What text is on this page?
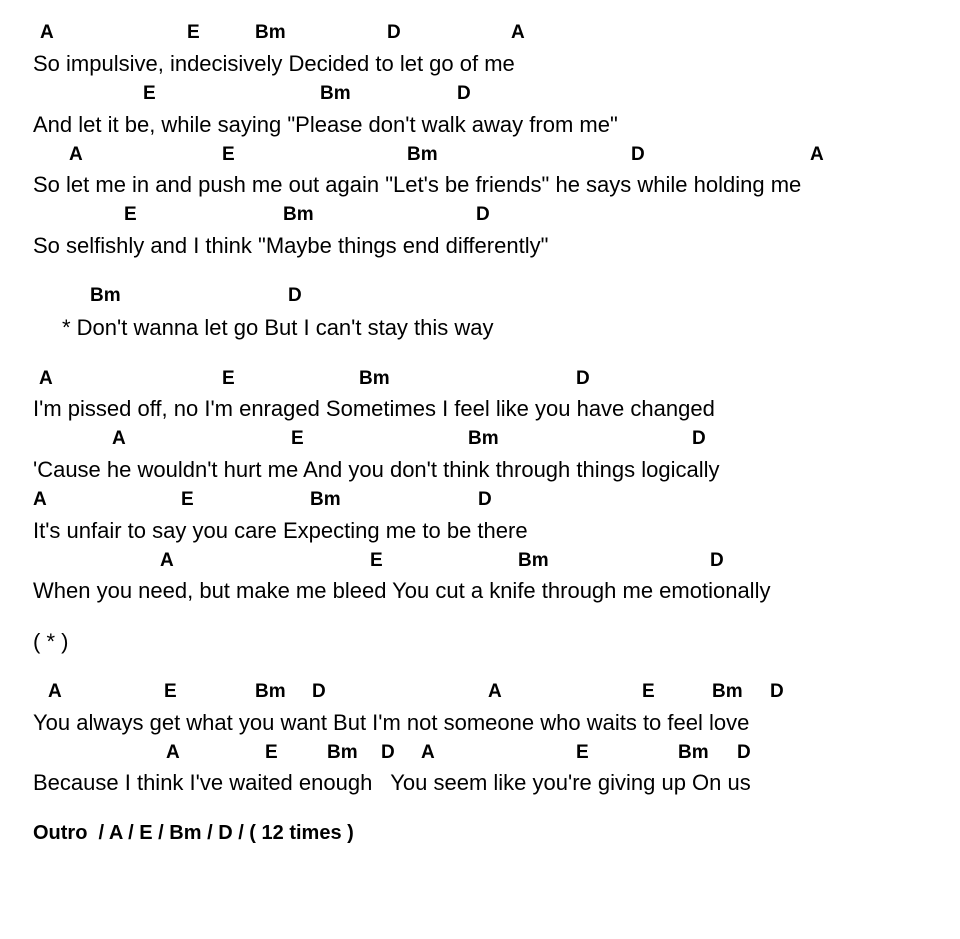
A	E	Bm	D	A
So impulsive, indecisively Decided to let go of me
E	Bm	D
And let it be, while saying "Please don't walk away from me"
A	E	Bm	D	A
So let me in and push me out again "Let's be friends" he says while holding me
E	Bm	D
So selfishly and I think "Maybe things end differently"
Bm	D
* Don't wanna let go But I can't stay this way
A	E	Bm	D
I'm pissed off, no I'm enraged Sometimes I feel like you have changed
A	E	Bm	D
'Cause he wouldn't hurt me And you don't think through things logically
A	E	Bm	D
It's unfair to say you care Expecting me to be there
A	E	Bm	D
When you need, but make me bleed You cut a knife through me emotionally
( * )
A	E	Bm D	A	E	Bm D
You always get what you want But I'm not someone who waits to feel love
A	E	Bm D A	E	Bm D
Because I think I've waited enough   You seem like you're giving up On us
Outro  / A / E / Bm / D / ( 12 times )
